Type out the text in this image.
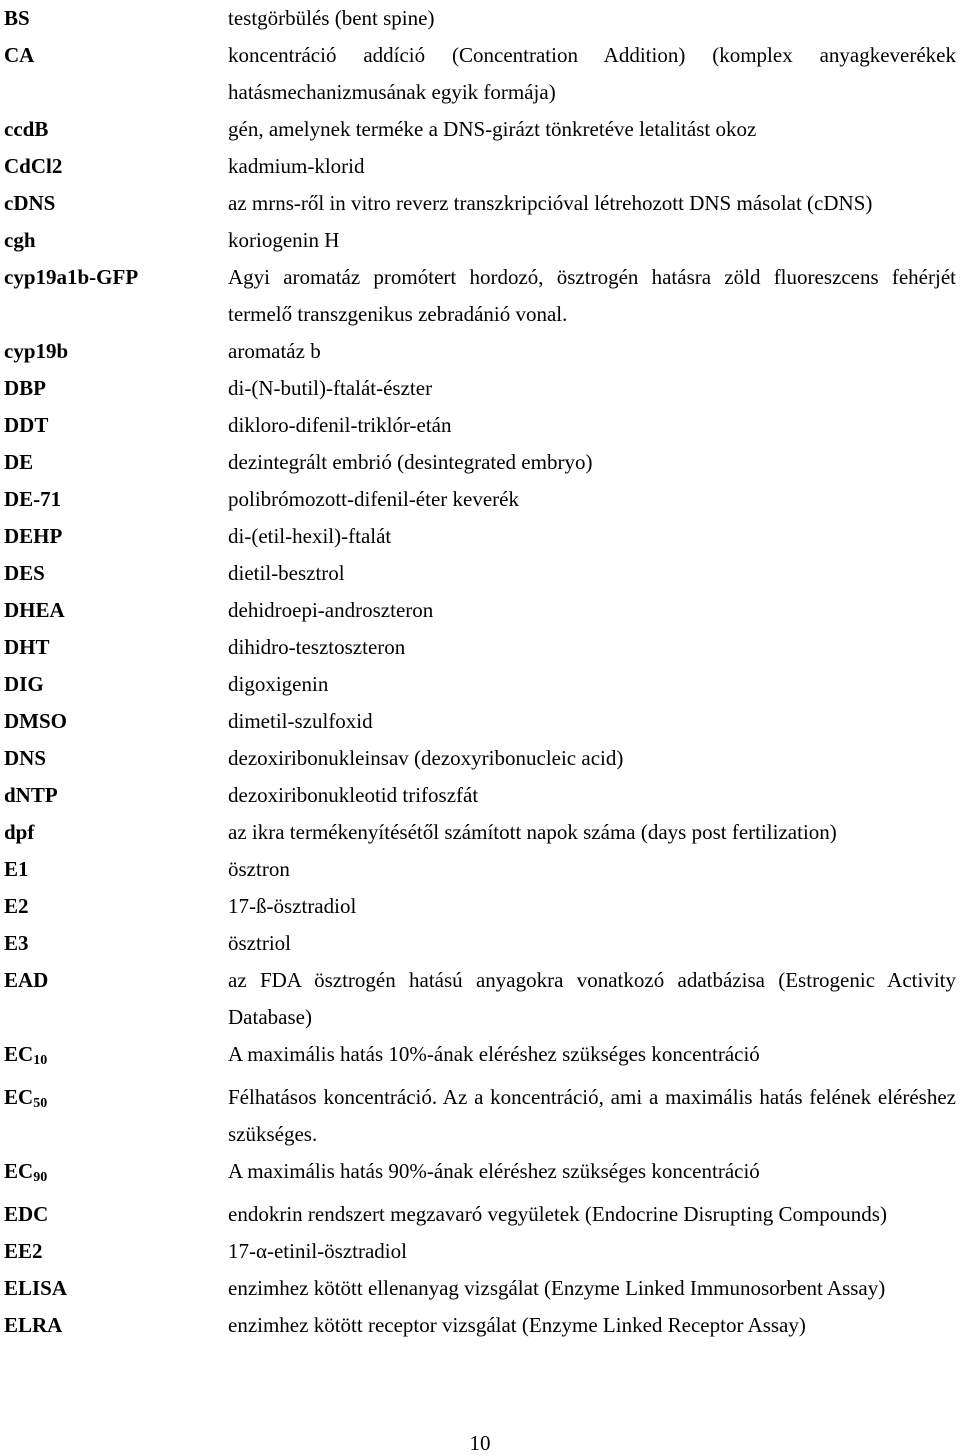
BS	testgörbülés (bent spine)
CA	koncentráció addíció (Concentration Addition) (komplex anyagkeverékek hatásmechanizmusának egyik formája)
ccdB	gén, amelynek terméke a DNS-girázt tönkretéve letalitást okoz
CdCl2	kadmium-klorid
cDNS	az mrns-ről in vitro reverz transzkripcióval létrehozott DNS másolat (cDNS)
cgh	koriogenin H
cyp19a1b-GFP	Agyi aromatáz promótert hordozó, ösztrogén hatásra zöld fluoreszcens fehérjét termelő transzgenikus zebradánió vonal.
cyp19b	aromatáz b
DBP	di-(N-butil)-ftalát-észter
DDT	dikloro-difenil-triklór-etán
DE	dezintegrált embrió (desintegrated embryo)
DE-71	polibrómozott-difenil-éter keverék
DEHP	di-(etil-hexil)-ftalát
DES	dietil-besztrol
DHEA	dehidroepi-androszteron
DHT	dihidro-tesztoszteron
DIG	digoxigenin
DMSO	dimetil-szulfoxid
DNS	dezoxiribonukleinsav (dezoxyribonucleic acid)
dNTP	dezoxiribonukleotid trifoszfát
dpf	az ikra termékenyítésétől számított napok száma (days post fertilization)
E1	ösztron
E2	17-ß-ösztradiol
E3	ösztriol
EAD	az FDA ösztrogén hatású anyagokra vonatkozó adatbázisa (Estrogenic Activity Database)
$EC_{10}$	A maximális hatás 10%-ának eléréshez szükséges koncentráció
$EC_{50}$	Félhatásos koncentráció. Az a koncentráció, ami a maximális hatás felének eléréshez szükséges.
$EC_{90}$	A maximális hatás 90%-ának eléréshez szükséges koncentráció
EDC	endokrin rendszert megzavaró vegyületek (Endocrine Disrupting Compounds)
EE2	17-α-etinil-ösztradiol
ELISA	enzimhez kötött ellenanyag vizsgálat (Enzyme Linked Immunosorbent Assay)
ELRA	enzimhez kötött receptor vizsgálat (Enzyme Linked Receptor Assay)
10
